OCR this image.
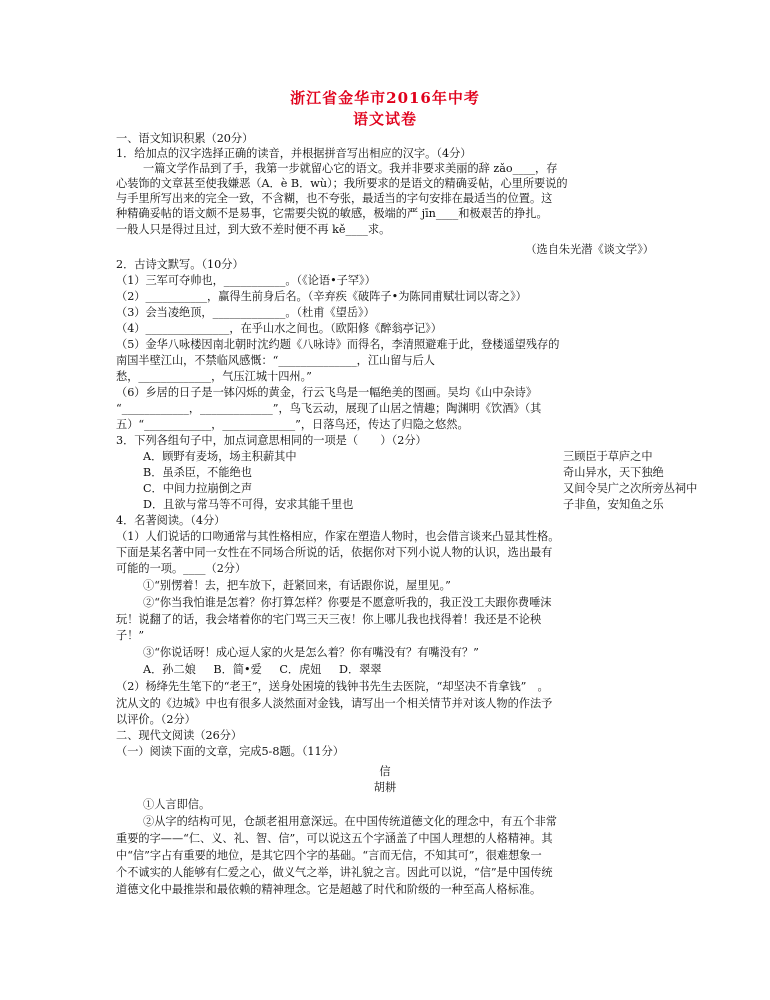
浙江省金华市2016年中考
语文试卷
一、语文知识积累（20分）
1．给加点的汉字选择正确的读音，并根据拼音写出相应的汉字。（4分）
一篇文学作品到了手，我第一步就留心它的语文。我并非要求美丽的辞 zǎo____，存
心装饰的文章甚至使我嫌恶（A．è B．wù）；我所要求的是语文的精确妥帖，心里所要说的
与手里所写出来的完全一致，不含糊，也不夸张，最适当的字句安排在最适当的位置。这
种精确妥帖的语文颇不是易事，它需要尖锐的敏感，极端的严 jīn____和极艰苦的挣扎。
一般人只是得过且过，到大致不差时便不再 kě____求。
（选自朱光潜《谈文学》）
2．古诗文默写。（10分）
（1）三军可夺帅也，___________。（《论语•子罕》）
（2）___________，赢得生前身后名。（辛弃疾《破阵子•为陈同甫赋壮词以寄之》）
（3）会当凌绝顶，_____________。（杜甫《望岳》）
（4）_______________，在乎山水之间也。（欧阳修《醉翁亭记》）
（5）金华八咏楼因南北朝时沈约题《八咏诗》而得名，李清照避难于此，登楼遥望残存的
南国半壁江山，不禁临风感慨：“______________，江山留与后人
愁，_____________，气压江城十四州。”
（6）乡居的日子是一钵闪烁的黄金，行云飞鸟是一幅绝美的图画。吴均《山中杂诗》
“____________，_____________”，鸟飞云动，展现了山居之情趣；陶渊明《饮酒》（其
五）“____________，_____________”，日落鸟还，传达了归隐之悠然。
3．下列各组句子中，加点词意思相同的一项是（　　）（2分）
A．顾野有麦场，场主积薪其中	三顾臣于草庐之中
B．虽杀臣，不能绝也	奇山异水，天下独绝
C．中间力拉崩倒之声	又间令吴广之次所旁丛祠中
D．且欲与常马等不可得，安求其能千里也	子非鱼，安知鱼之乐
4．名著阅读。（4分）
（1）人们说话的口吻通常与其性格相应，作家在塑造人物时，也会借言谈来凸显其性格。
下面是某名著中同一女性在不同场合所说的话，依据你对下列小说人物的认识，选出最有
可能的一项。____（2分）
①“别愣着！去，把车放下，赶紧回来，有话跟你说，屋里见。”
②“你当我怕谁是怎着？你打算怎样？你要是不愿意听我的，我正没工夫跟你费唾沫
玩！说翻了的话，我会堵着你的宅门骂三天三夜！你上哪儿我也找得着！我还是不论秧
子！”
③“你说话呀！成心逗人家的火是怎么着？你有嘴没有？有嘴没有？”
A．孙二娘 B．简•爱 C．虎妞 D．翠翠
（2）杨绛先生笔下的“老王”，送身处困境的钱钟书先生去医院，“却坚决不肯拿钱”　。
沈从文的《边城》中也有很多人淡然面对金钱，请写出一个相关情节并对该人物的作法予
以评价。（2分）
二、现代文阅读（26分）
（一）阅读下面的文章，完成5-8题。（11分）
信
胡耕
①人言即信。
②从字的结构可见，仓颉老祖用意深远。在中国传统道德文化的理念中，有五个非常
重要的字——“仁、义、礼、智、信”，可以说这五个字涵盖了中国人理想的人格精神。其
中“信”字占有重要的地位，是其它四个字的基础。“言而无信，不知其可”，很难想象一
个不诚实的人能够有仁爱之心，做义气之举，讲礼貌之言。因此可以说，“信”是中国传统
道德文化中最推崇和最依赖的精神理念。它是超越了时代和阶级的一种至高人格标准。
